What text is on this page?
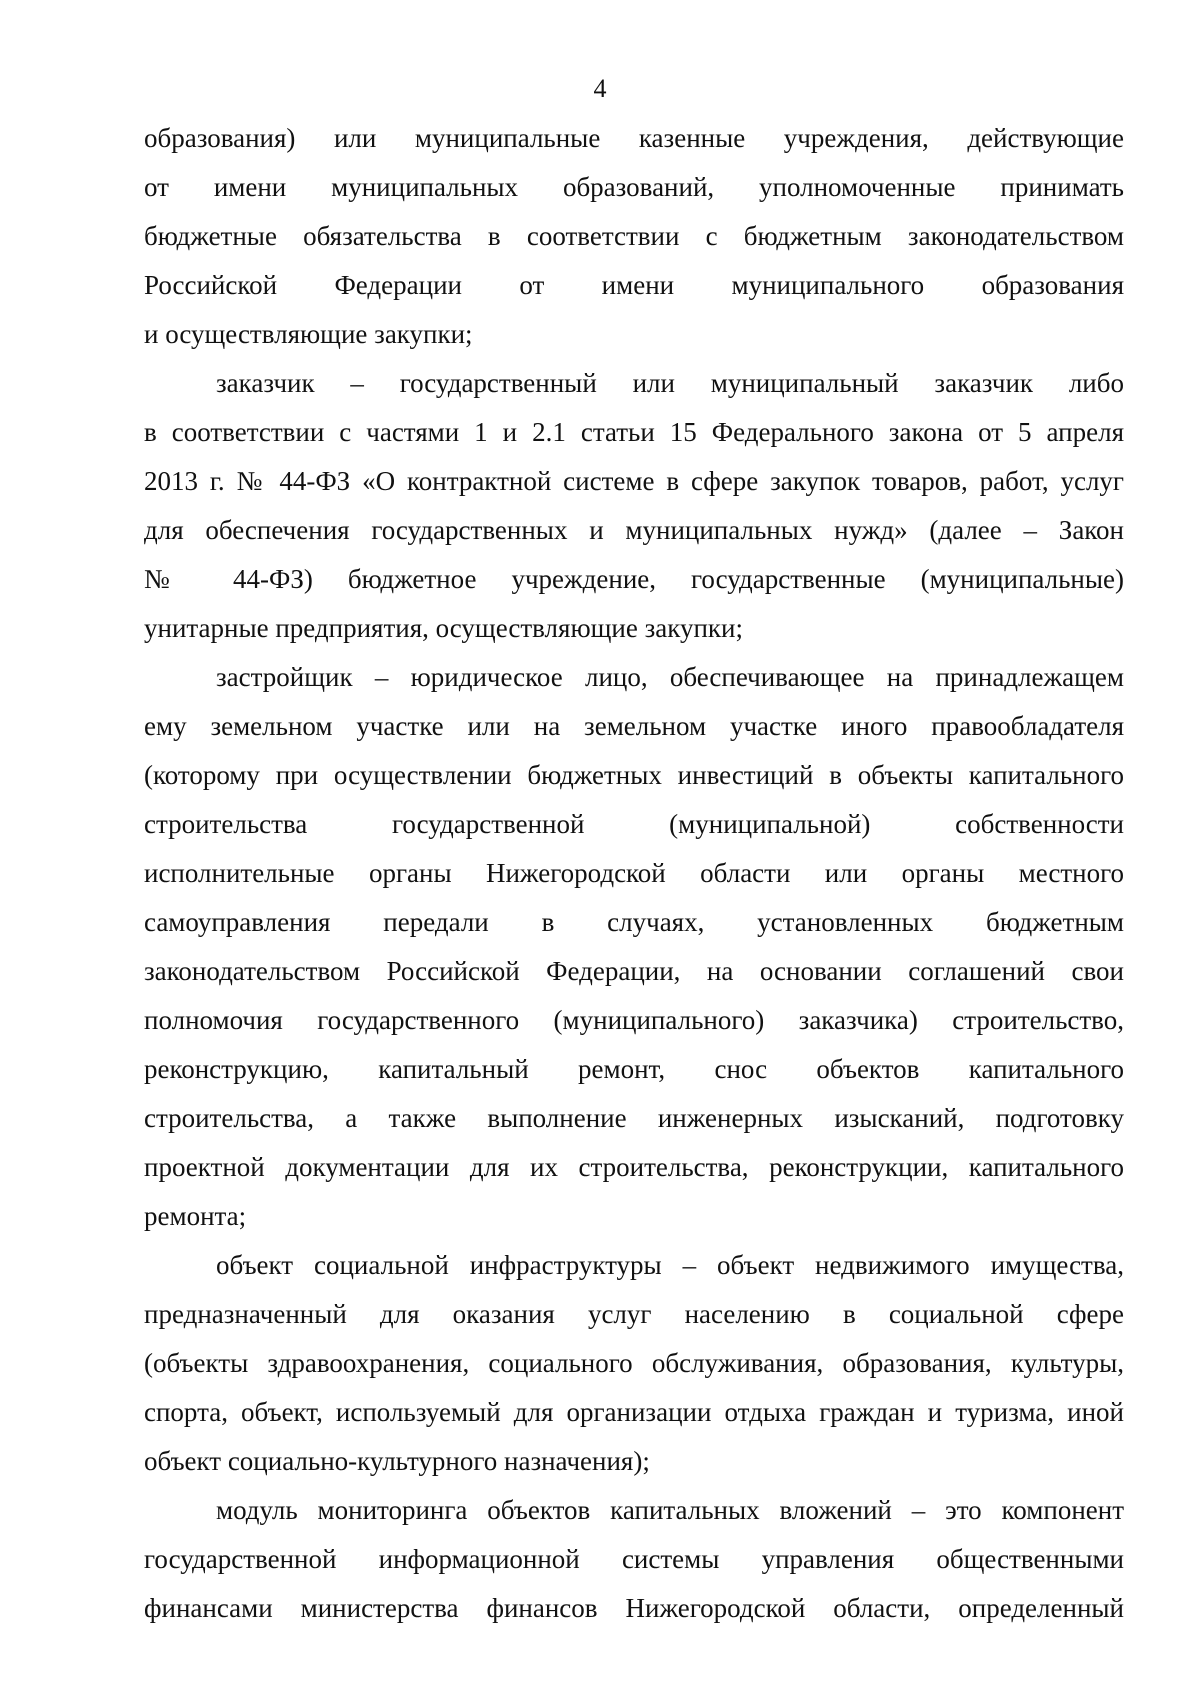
4
образования) или муниципальные казенные учреждения, действующие
от имени муниципальных образований, уполномоченные принимать
бюджетные обязательства в соответствии с бюджетным законодательством
Российской Федерации от имени муниципального образования
и осуществляющие закупки;
заказчик – государственный или муниципальный заказчик либо
в соответствии с частями 1 и 2.1 статьи 15 Федерального закона от 5 апреля
2013 г. № 44-ФЗ «О контрактной системе в сфере закупок товаров, работ, услуг
для обеспечения государственных и муниципальных нужд» (далее – Закон
№ 44-ФЗ) бюджетное учреждение, государственные (муниципальные)
унитарные предприятия, осуществляющие закупки;
застройщик – юридическое лицо, обеспечивающее на принадлежащем
ему земельном участке или на земельном участке иного правообладателя
(которому при осуществлении бюджетных инвестиций в объекты капитального
строительства государственной (муниципальной) собственности
исполнительные органы Нижегородской области или органы местного
самоуправления передали в случаях, установленных бюджетным
законодательством Российской Федерации, на основании соглашений свои
полномочия государственного (муниципального) заказчика) строительство,
реконструкцию, капитальный ремонт, снос объектов капитального
строительства, а также выполнение инженерных изысканий, подготовку
проектной документации для их строительства, реконструкции, капитального
ремонта;
объект социальной инфраструктуры – объект недвижимого имущества,
предназначенный для оказания услуг населению в социальной сфере
(объекты здравоохранения, социального обслуживания, образования, культуры,
спорта, объект, используемый для организации отдыха граждан и туризма, иной
объект социально-культурного назначения);
модуль мониторинга объектов капитальных вложений – это компонент
государственной информационной системы управления общественными
финансами министерства финансов Нижегородской области, определенный
